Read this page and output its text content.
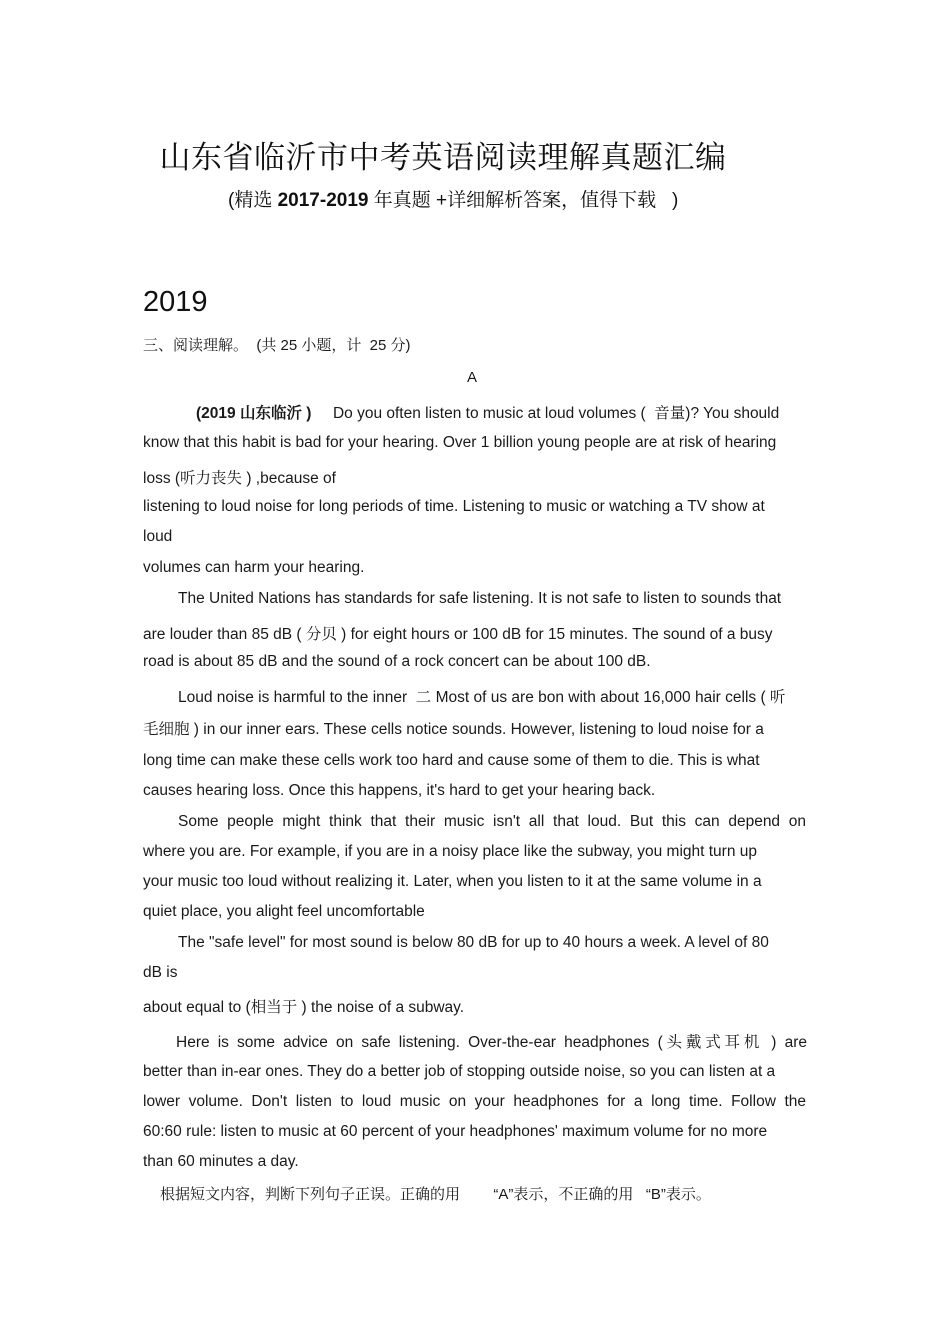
山东省临沂市中考英语阅读理解真题汇编
(精选 2017-2019 年真题 +详细解析答案，值得下载   )
2019
三、阅读理解。  (共 25 小题，计  25 分)
A
(2019 山东临沂 )     Do you often listen to music at loud volumes (  音量)? You should
know that this habit is bad for your hearing. Over 1 billion young people are at risk of hearing
loss (听力丧失 ) ,because of
listening to loud noise for long periods of time. Listening to music or watching a TV show at
loud
volumes can harm your hearing.
The United Nations has standards for safe listening. It is not safe to listen to sounds that
are louder than 85 dB ( 分贝 ) for eight hours or 100 dB for 15 minutes. The sound of a busy
road is about 85 dB and the sound of a rock concert can be about 100 dB.
Loud noise is harmful to the inner  二 Most of us are bon with about 16,000 hair cells ( 听
毛细胞 ) in our inner ears. These cells notice sounds. However, listening to loud noise for a
long time can make these cells work too hard and cause some of them to die. This is what
causes hearing loss. Once this happens, it's hard to get your hearing back.
Some people might think that their music isn't all that loud. But this can depend on
where you are. For example, if you are in a noisy place like the subway, you might turn up
your music too loud without realizing it. Later, when you listen to it at the same volume in a
quiet place, you alight feel uncomfortable
The "safe level" for most sound is below 80 dB for up to 40 hours a week. A level of 80
dB is
about equal to (相当于 ) the noise of a subway.
Here is some advice on safe listening. Over-the-ear headphones (头戴式耳机 ) are
better than in-ear ones. They do a better job of stopping outside noise, so you can listen at a
lower volume. Don't listen to loud music on your headphones for a long time. Follow the
60:60 rule: listen to music at 60 percent of your headphones' maximum volume for no more
than 60 minutes a day.
根据短文内容，判断下列句子正误。正确的用        “A”表示，不正确的用   “B”表示。
